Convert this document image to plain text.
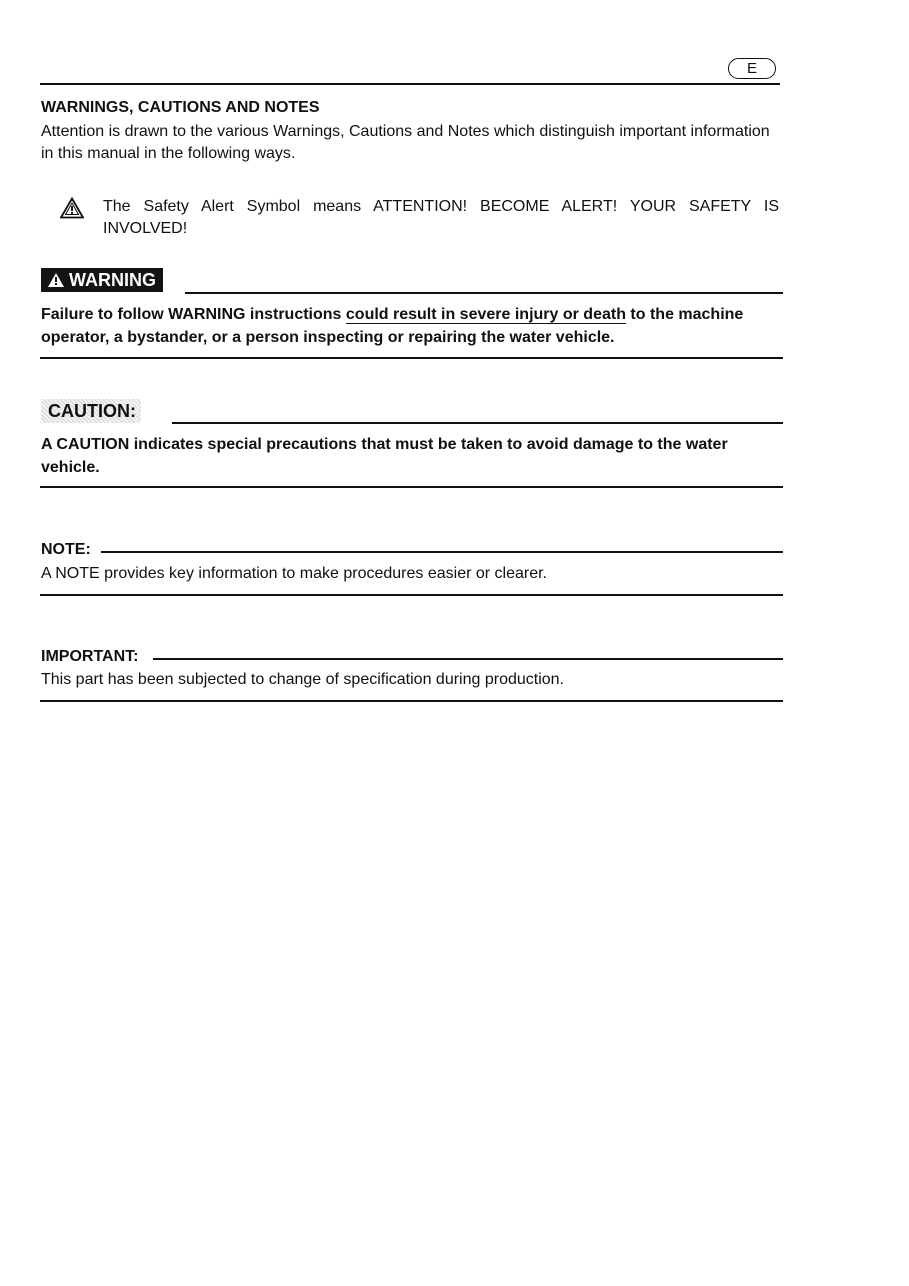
E
WARNINGS, CAUTIONS AND NOTES
Attention is drawn to the various Warnings, Cautions and Notes which distinguish important information in this manual in the following ways.
The Safety Alert Symbol means ATTENTION! BECOME ALERT! YOUR SAFETY IS INVOLVED!
WARNING
Failure to follow WARNING instructions could result in severe injury or death to the machine operator, a bystander, or a person inspecting or repairing the water vehicle.
CAUTION:
A CAUTION indicates special precautions that must be taken to avoid damage to the water vehicle.
NOTE:
A NOTE provides key information to make procedures easier or clearer.
IMPORTANT:
This part has been subjected to change of specification during production.
